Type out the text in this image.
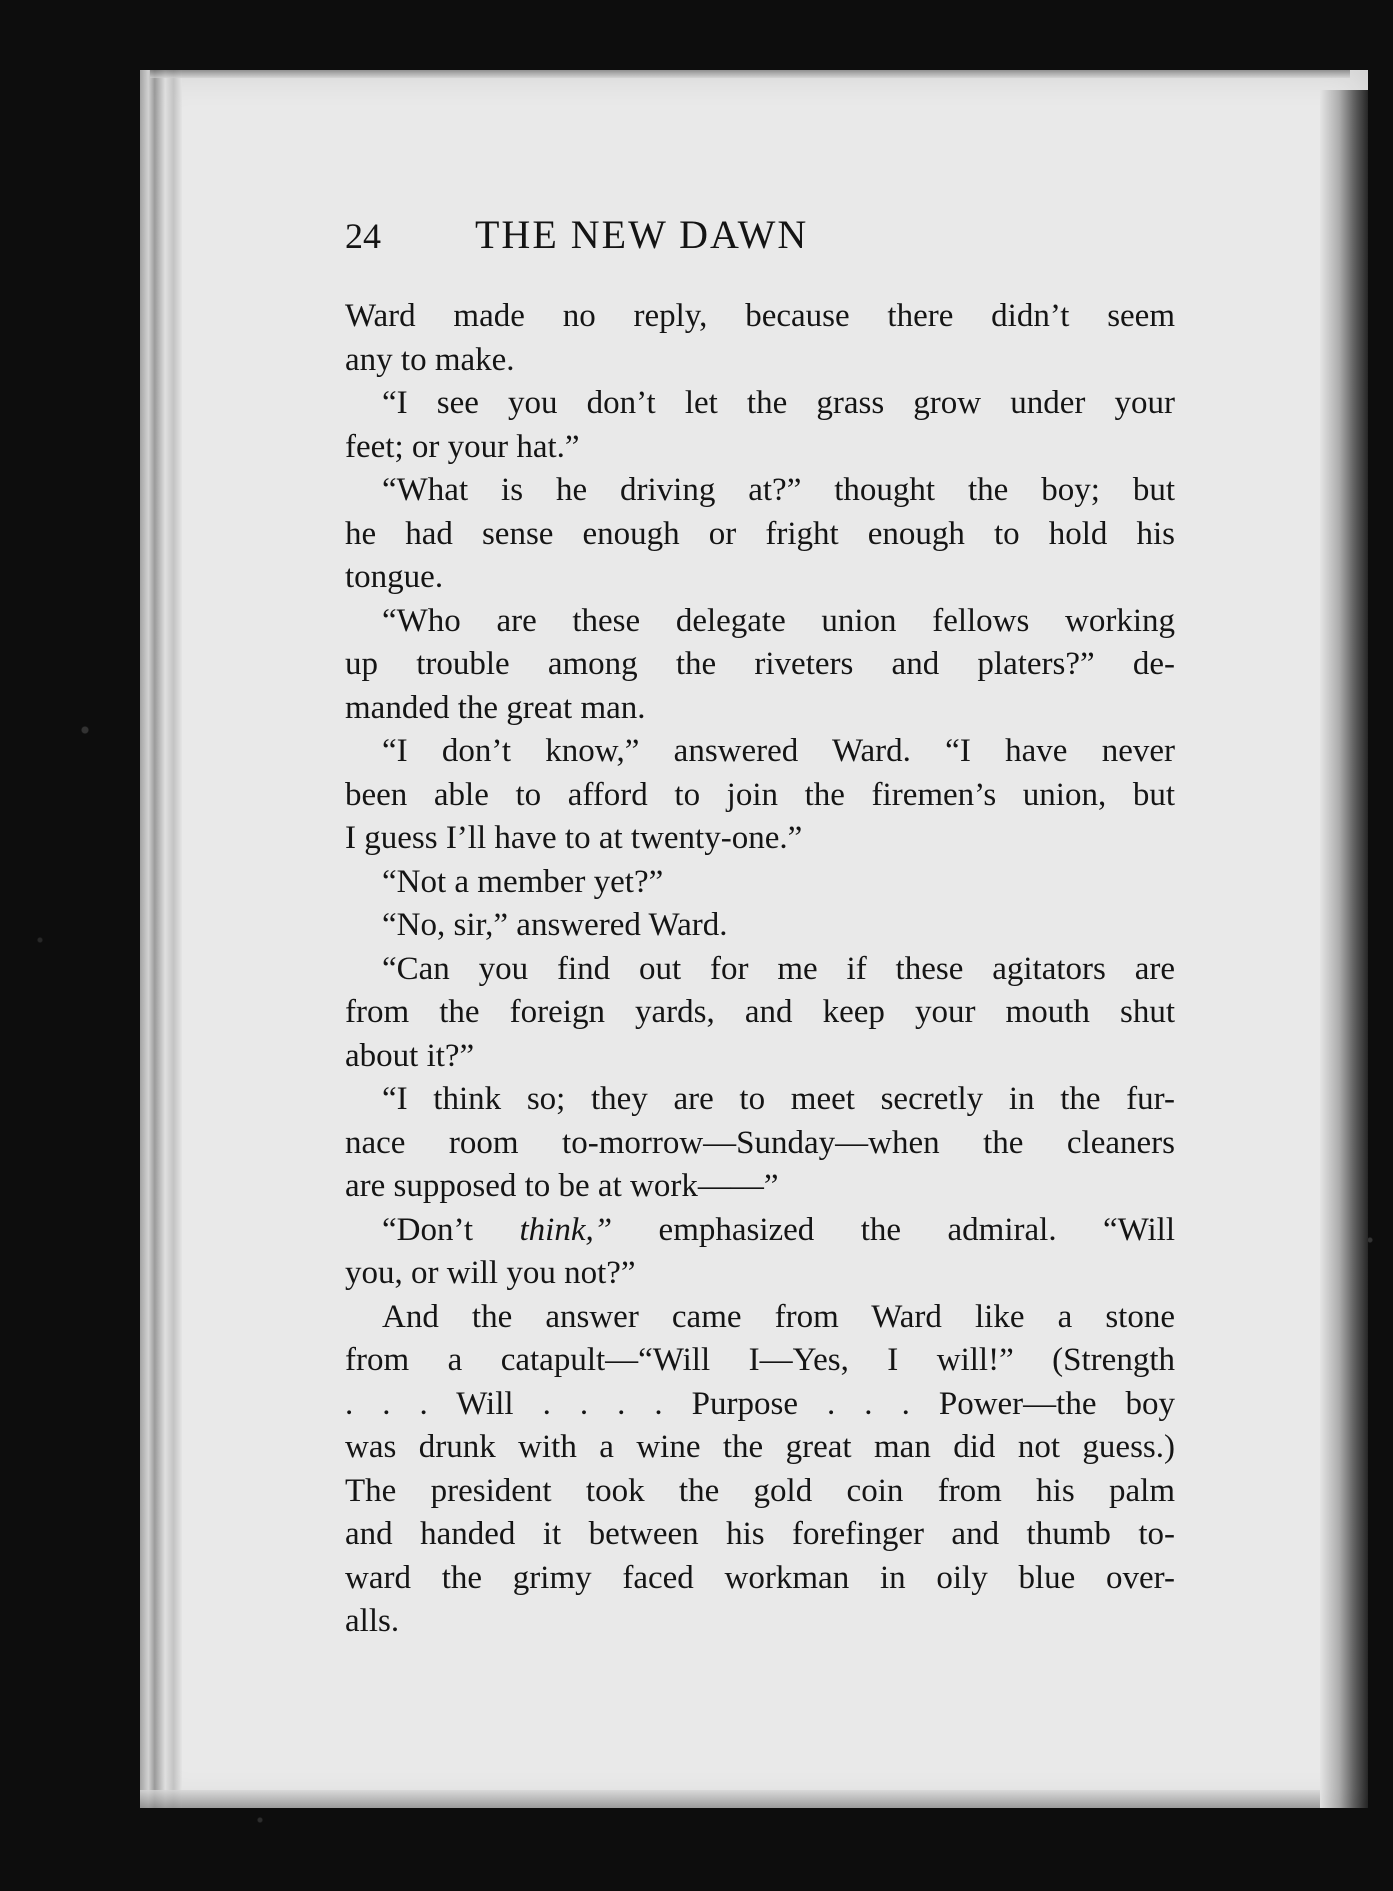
24 THE NEW DAWN
Ward made no reply, because there didn’t seem
any to make.
“I see you don’t let the grass grow under your
feet; or your hat.”
“What is he driving at?” thought the boy; but
he had sense enough or fright enough to hold his
tongue.
“Who are these delegate union fellows working
up trouble among the riveters and platers?” de-
manded the great man.
“I don’t know,” answered Ward. “I have never
been able to afford to join the firemen’s union, but
I guess I’ll have to at twenty-one.”
“Not a member yet?”
“No, sir,” answered Ward.
“Can you find out for me if these agitators are
from the foreign yards, and keep your mouth shut
about it?”
“I think so; they are to meet secretly in the fur-
nace room to-morrow—Sunday—when the cleaners
are supposed to be at work——”
“Don’t think,” emphasized the admiral. “Will
you, or will you not?”
And the answer came from Ward like a stone
from a catapult—“Will I—Yes, I will!” (Strength
. . . Will . . . . Purpose . . . Power—the boy
was drunk with a wine the great man did not guess.)
The president took the gold coin from his palm
and handed it between his forefinger and thumb to-
ward the grimy faced workman in oily blue over-
alls.
